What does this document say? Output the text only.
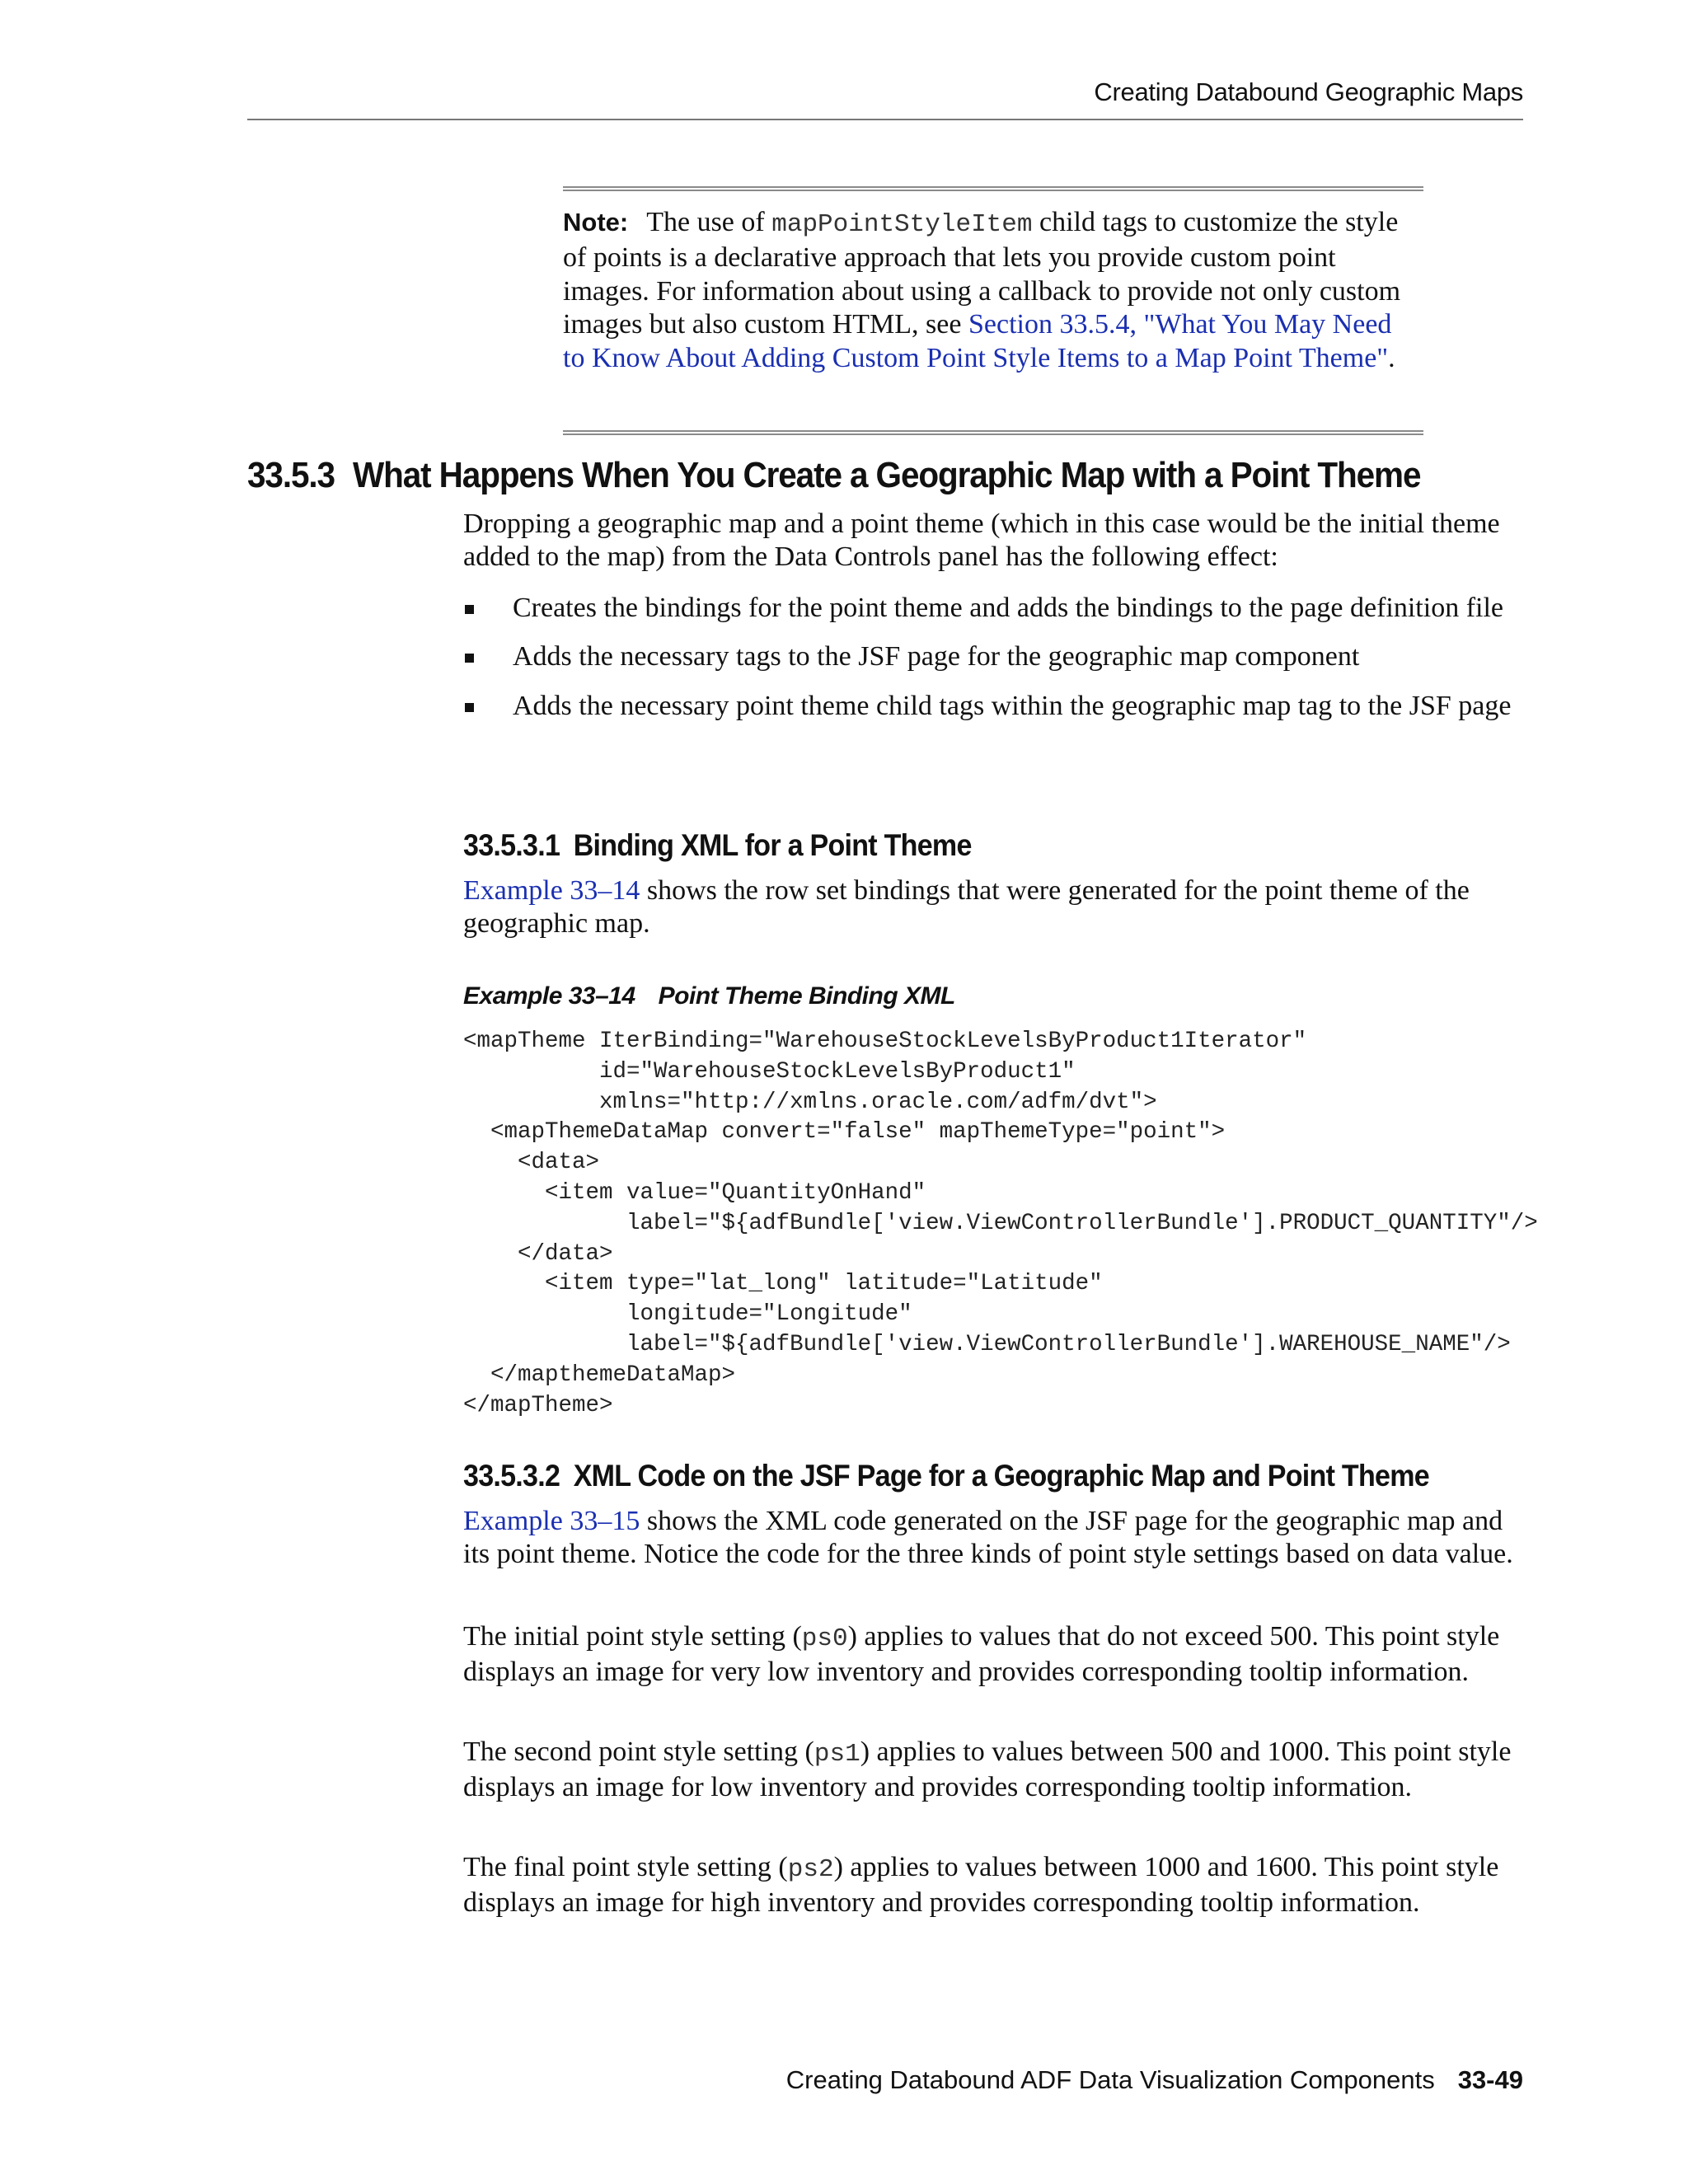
Creating Databound Geographic Maps
Note: The use of mapPointStyleItem child tags to customize the style of points is a declarative approach that lets you provide custom point images. For information about using a callback to provide not only custom images but also custom HTML, see Section 33.5.4, "What You May Need to Know About Adding Custom Point Style Items to a Map Point Theme".
33.5.3 What Happens When You Create a Geographic Map with a Point Theme
Dropping a geographic map and a point theme (which in this case would be the initial theme added to the map) from the Data Controls panel has the following effect:
Creates the bindings for the point theme and adds the bindings to the page definition file
Adds the necessary tags to the JSF page for the geographic map component
Adds the necessary point theme child tags within the geographic map tag to the JSF page
33.5.3.1 Binding XML for a Point Theme
Example 33–14 shows the row set bindings that were generated for the point theme of the geographic map.
Example 33–14 Point Theme Binding XML
<mapTheme IterBinding="WarehouseStockLevelsByProduct1Iterator"
id="WarehouseStockLevelsByProduct1"
xmlns="http://xmlns.oracle.com/adfm/dvt">
<mapThemeDataMap convert="false" mapThemeType="point">
<data>
<item value="QuantityOnHand"
label="${adfBundle['view.ViewControllerBundle'].PRODUCT_QUANTITY"/>
</data>
<item type="lat_long" latitude="Latitude"
longitude="Longitude"
label="${adfBundle['view.ViewControllerBundle'].WAREHOUSE_NAME"/>
</mapthemeDataMap>
</mapTheme>
33.5.3.2 XML Code on the JSF Page for a Geographic Map and Point Theme
Example 33–15 shows the XML code generated on the JSF page for the geographic map and its point theme. Notice the code for the three kinds of point style settings based on data value.
The initial point style setting (ps0) applies to values that do not exceed 500. This point style displays an image for very low inventory and provides corresponding tooltip information.
The second point style setting (ps1) applies to values between 500 and 1000. This point style displays an image for low inventory and provides corresponding tooltip information.
The final point style setting (ps2) applies to values between 1000 and 1600. This point style displays an image for high inventory and provides corresponding tooltip information.
Creating Databound ADF Data Visualization Components 33-49
